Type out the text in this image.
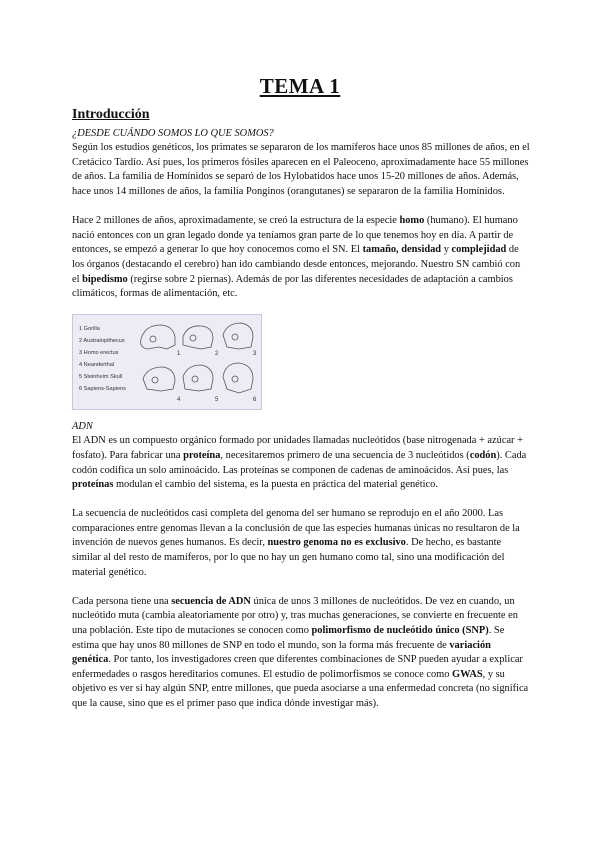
TEMA 1
Introducción

¿DESDE CUÁNDO SOMOS LO QUE SOMOS?

Según los estudios genéticos, los primates se separaron de los mamíferos hace unos 85 millones de años, en el Cretácico Tardío. Así pues, los primeros fósiles aparecen en el Paleoceno, aproximadamente hace 55 millones de años. La familia de Homínidos se separó de los Hylobatidos hace unos 15-20 millones de años. Además, hace unos 14 millones de años, la familia Ponginos (orangutanes) se separaron de la familia Homínidos.

Hace 2 millones de años, aproximadamente, se creó la estructura de la especie homo (humano). El humano nació entonces con un gran legado donde ya teníamos gran parte de lo que tenemos hoy en día. A partir de entonces, se empezó a generar lo que hoy conocemos como el SN. El tamaño, densidad y complejidad de los órganos (destacando el cerebro) han ido cambiando desde entonces, mejorando. Nuestro SN cambió con el bipedismo (regirse sobre 2 piernas). Además de por las diferentes necesidades de adaptación a cambios climáticos, formas de alimentación, etc.

1 Gorilla
2 Australopithecus
3 Homo erectus
4 Neanderthal
5 Steinheim Skull
6 Sapiens-Sapiens
1	2	3
4	5	6

ADN

El ADN es un compuesto orgánico formado por unidades llamadas nucleótidos (base nitrogenada + azúcar + fosfato). Para fabricar una proteína, necesitaremos primero de una secuencia de 3 nucleótidos (codón). Cada codón codifica un solo aminoácido. Las proteínas se componen de cadenas de aminoácidos. Así pues, las proteínas modulan el cambio del sistema, es la puesta en práctica del material genético.

La secuencia de nucleótidos casi completa del genoma del ser humano se reprodujo en el año 2000. Las comparaciones entre genomas llevan a la conclusión de que las especies humanas únicas no resultaron de la invención de nuevos genes humanos. Es decir, nuestro genoma no es exclusivo. De hecho, es bastante similar al del resto de mamíferos, por lo que no hay un gen humano como tal, sino una modificación del material genético.

Cada persona tiene una secuencia de ADN única de unos 3 millones de nucleótidos. De vez en cuando, un nucleótido muta (cambia aleatoriamente por otro) y, tras muchas generaciones, se convierte en frecuente en una población. Este tipo de mutaciones se conocen como polimorfismo de nucleótido único (SNP). Se estima que hay unos 80 millones de SNP en todo el mundo, son la forma más frecuente de variación genética. Por tanto, los investigadores creen que diferentes combinaciones de SNP pueden ayudar a explicar enfermedades o rasgos hereditarios comunes. El estudio de polimorfismos se conoce como GWAS, y su objetivo es ver si hay algún SNP, entre millones, que pueda asociarse a una enfermedad concreta (no significa que la cause, sino que es el primer paso que indica dónde investigar más).
